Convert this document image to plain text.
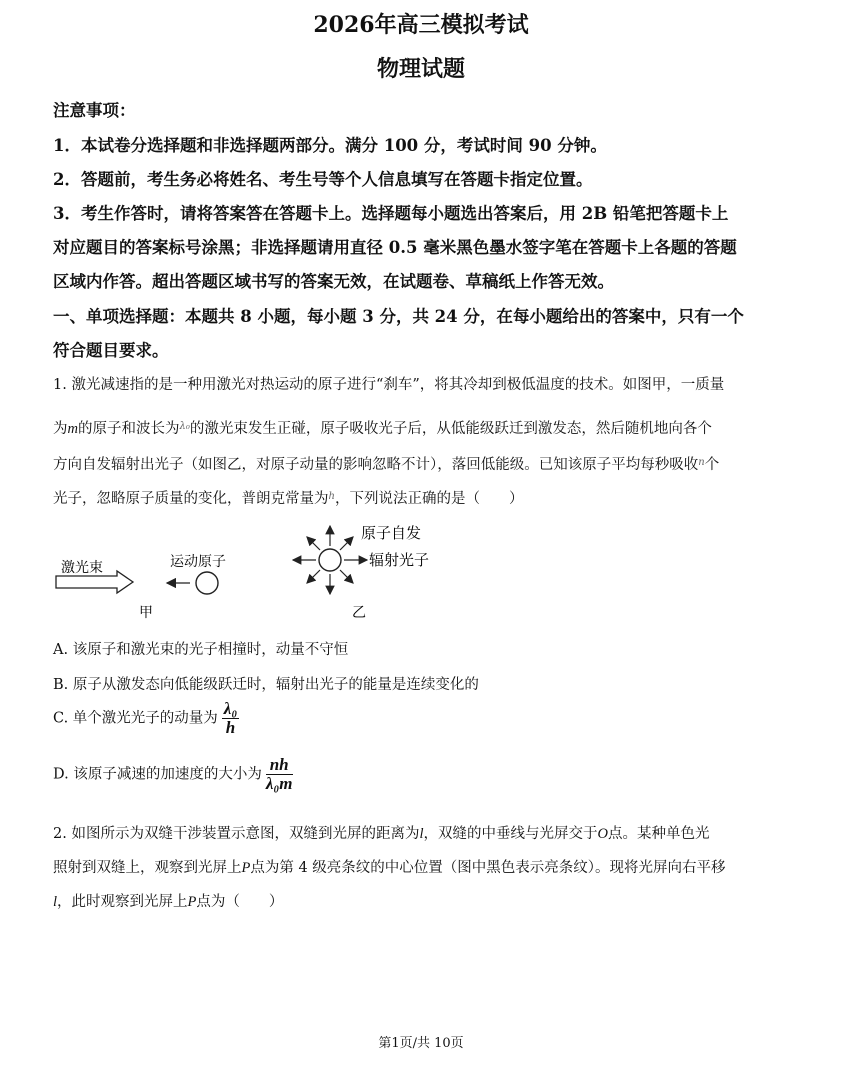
2026年高三模拟考试
物理试题
注意事项：
1．本试卷分选择题和非选择题两部分。满分 100 分，考试时间 90 分钟。
2．答题前，考生务必将姓名、考生号等个人信息填写在答题卡指定位置。
3．考生作答时，请将答案答在答题卡上。选择题每小题选出答案后，用 2B 铅笔把答题卡上
对应题目的答案标号涂黑；非选择题请用直径 0.5 毫米黑色墨水签字笔在答题卡上各题的答题
区域内作答。超出答题区域书写的答案无效，在试题卷、草稿纸上作答无效。
一、单项选择题：本题共 8 小题，每小题 3 分，共 24 分，在每小题给出的答案中，只有一个
符合题目要求。
1. 激光减速指的是一种用激光对热运动的原子进行“刹车”，将其冷却到极低温度的技术。如图甲，一质量
为m的原子和波长为$^{\lambda_0}$的激光束发生正碰，原子吸收光子后，从低能级跃迁到激发态，然后随机地向各个
方向自发辐射出光子（如图乙，对原子动量的影响忽略不计），落回低能级。已知该原子平均每秒吸收$^n$个
光子，忽略原子质量的变化，普朗克常量为$^h$，下列说法正确的是（　　）
激光束	运动原子
甲
原子自发
辐射光子
乙
A. 该原子和激光束的光子相撞时，动量不守恒
B. 原子从激发态向低能级跃迁时，辐射出光子的能量是连续变化的
C. 单个激光光子的动量为 $\frac{\text{λ₀}}{h}$
D. 该原子减速的加速度的大小为 $\frac{nh}{\text{λ₀m}}$
2. 如图所示为双缝干涉装置示意图，双缝到光屏的距离为l，双缝的中垂线与光屏交于O点。某种单色光
照射到双缝上，观察到光屏上P点为第 4 级亮条纹的中心位置（图中黑色表示亮条纹）。现将光屏向右平移
l，此时观察到光屏上P点为（　　）
第1页/共 10页
